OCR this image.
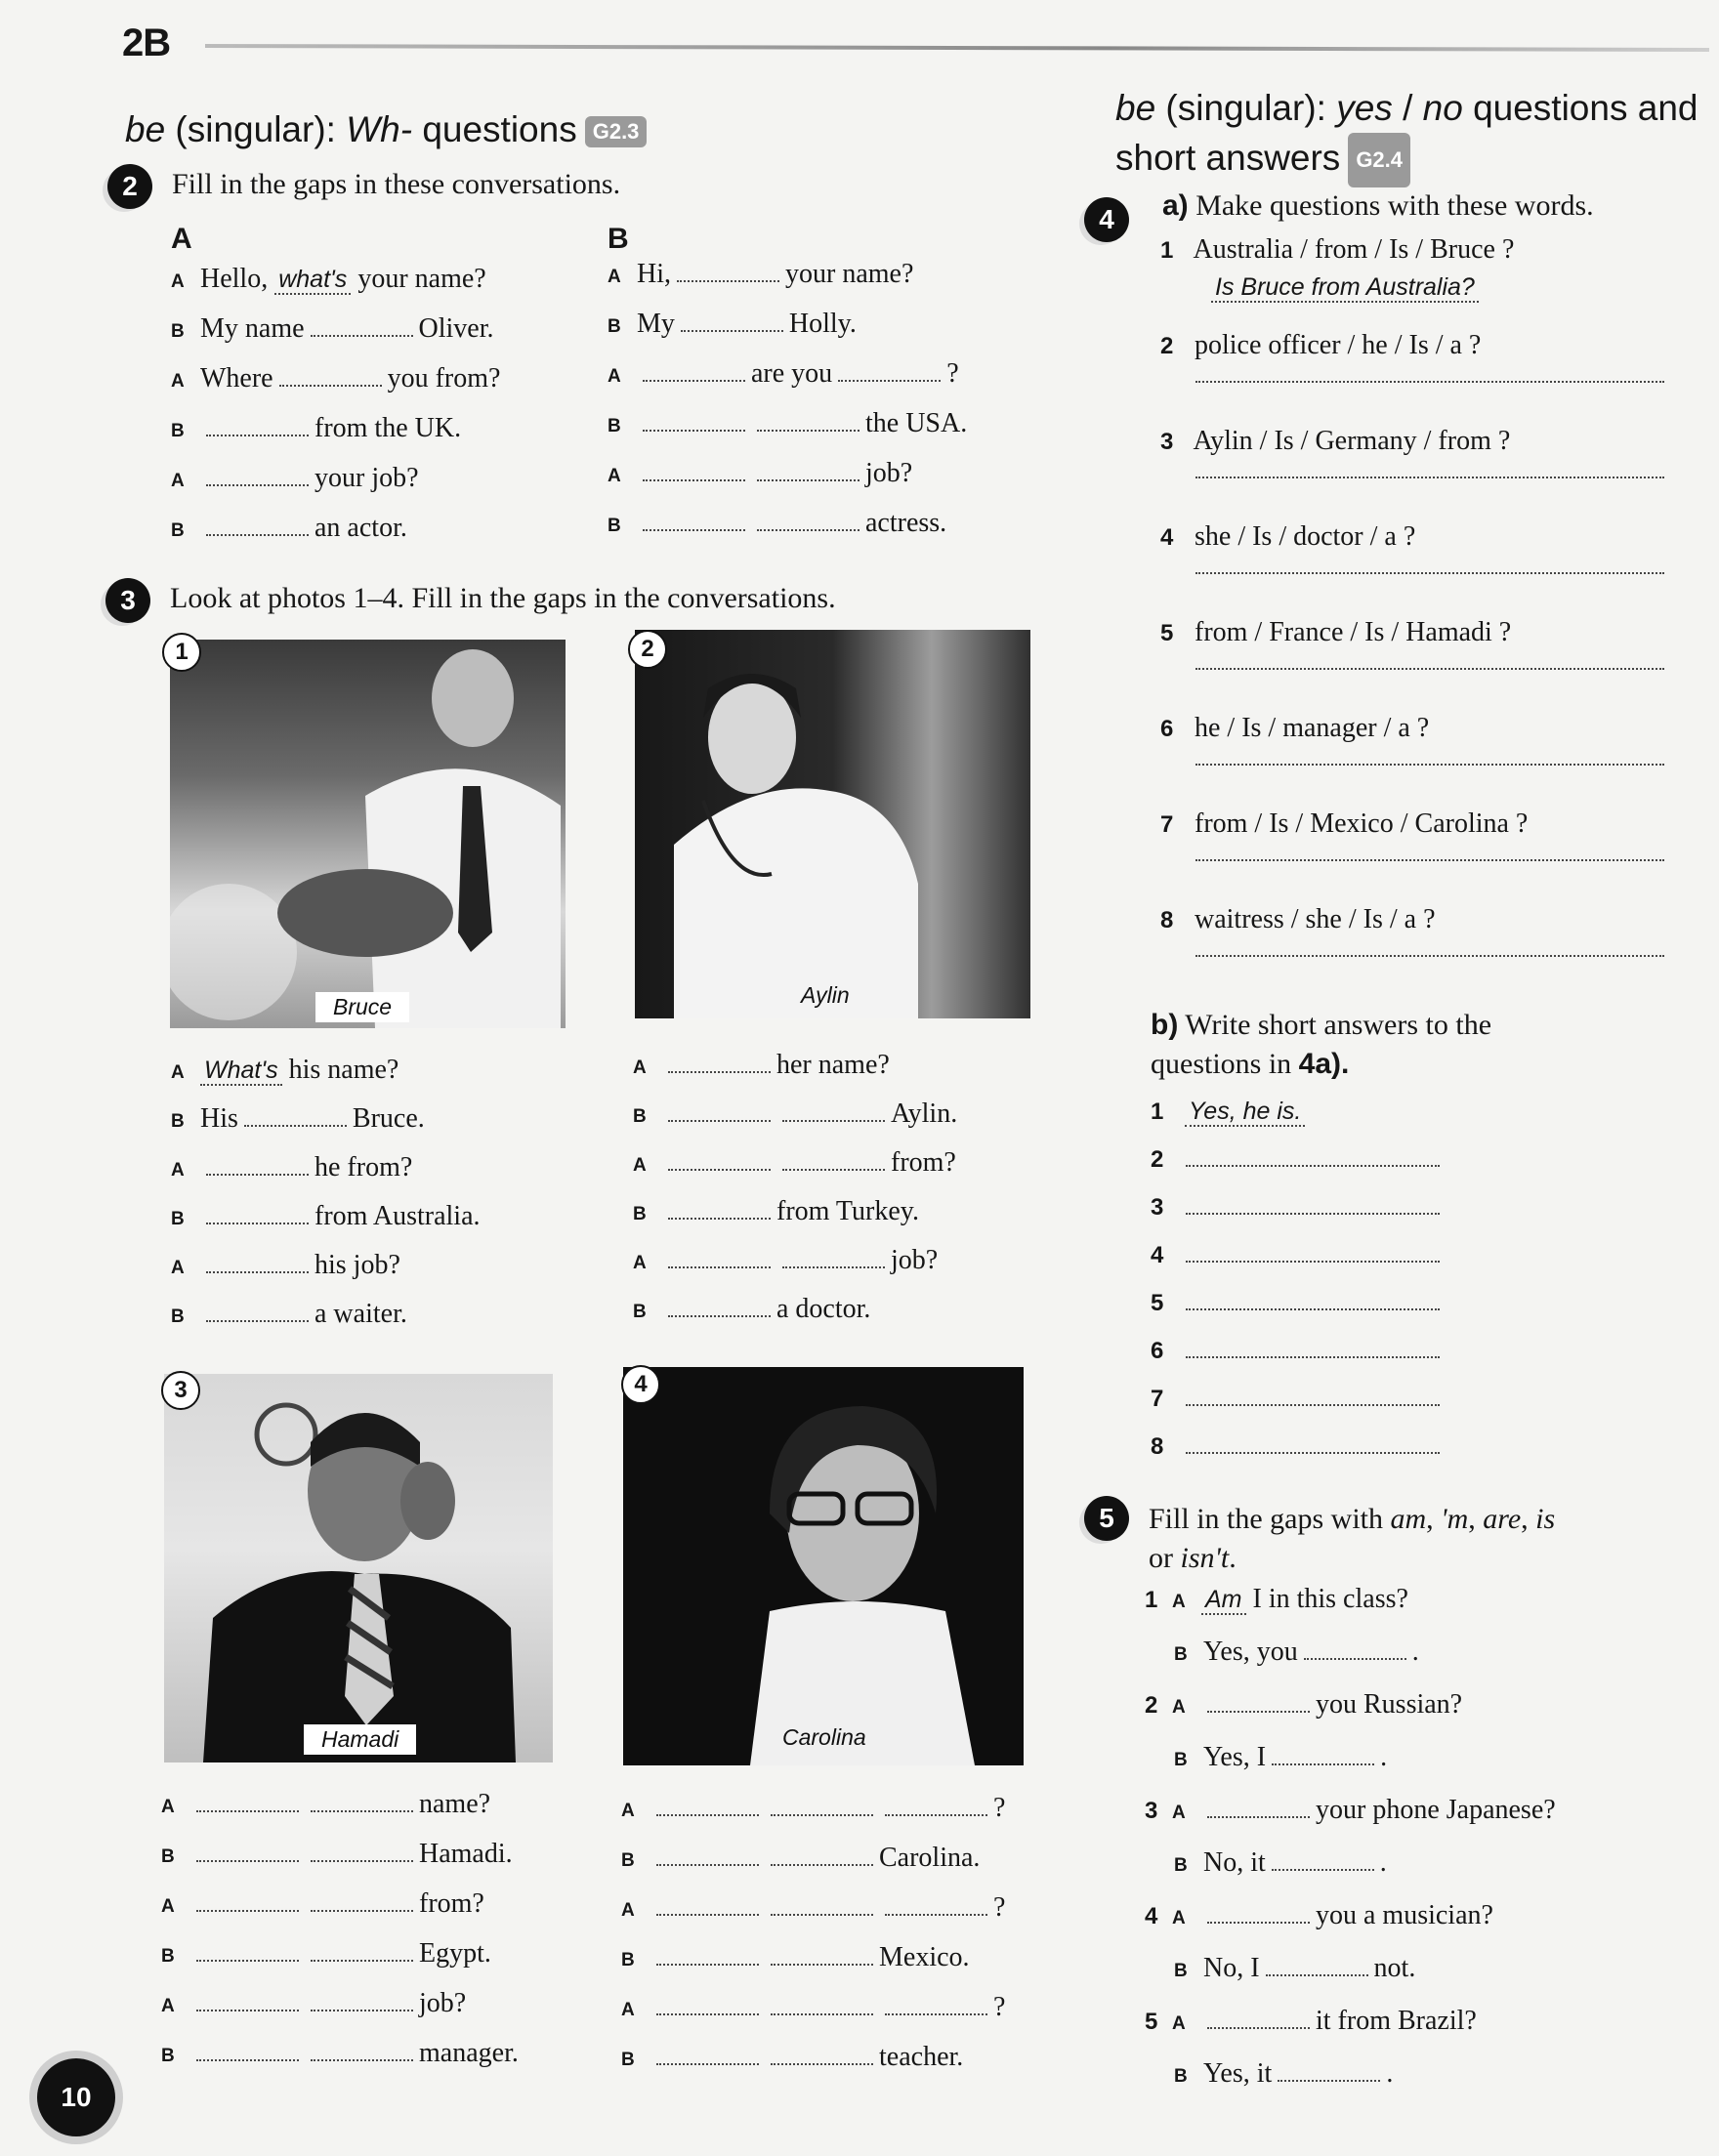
2B
be (singular): Wh- questions G2.3
2	Fill in the gaps in these conversations.
A	B
A Hello, what's your name?
B My name	Oliver.
A Where	you from?
B	from the UK.
A	your job?
B	an actor.
A Hi,	your name?
B My	Holly.
A	are you	?
B	the USA.
A	job?
B	actress.
3	Look at photos 1–4. Fill in the gaps in the conversations.
1
Bruce
2
Aylin
A What's his name?
B His	Bruce.
A	he from?
B	from Australia.
A	his job?
B	a waiter.
A	her name?
B	Aylin.
A	from?
B	from Turkey.
A	job?
B	a doctor.
3
Hamadi
4
Carolina
A	name?
B	Hamadi.
A	from?
B	Egypt.
A	job?
B	manager.
A	?
B	Carolina.
A	?
B	Mexico.
A	?
B	teacher.
be (singular): yes / no questions and
short answers G2.4
4	a) Make questions with these words.
1 Australia / from / Is / Bruce ?
Is Bruce from Australia?
2 police officer / he / Is / a ?
3 Aylin / Is / Germany / from ?
4 she / Is / doctor / a ?
5 from / France / Is / Hamadi ?
6 he / Is / manager / a ?
7 from / Is / Mexico / Carolina ?
8 waitress / she / Is / a ?
b) Write short answers to the
questions in 4a).
1 Yes, he is.
2
3
4
5
6
7
8
5	Fill in the gaps with am, 'm, are, is
or isn't.
1 A Am I in this class?
B Yes, you	.
2 A	you Russian?
B Yes, I	.
3 A	your phone Japanese?
B No, it	.
4 A	you a musician?
B No, I	not.
5 A	it from Brazil?
B Yes, it	.
10
